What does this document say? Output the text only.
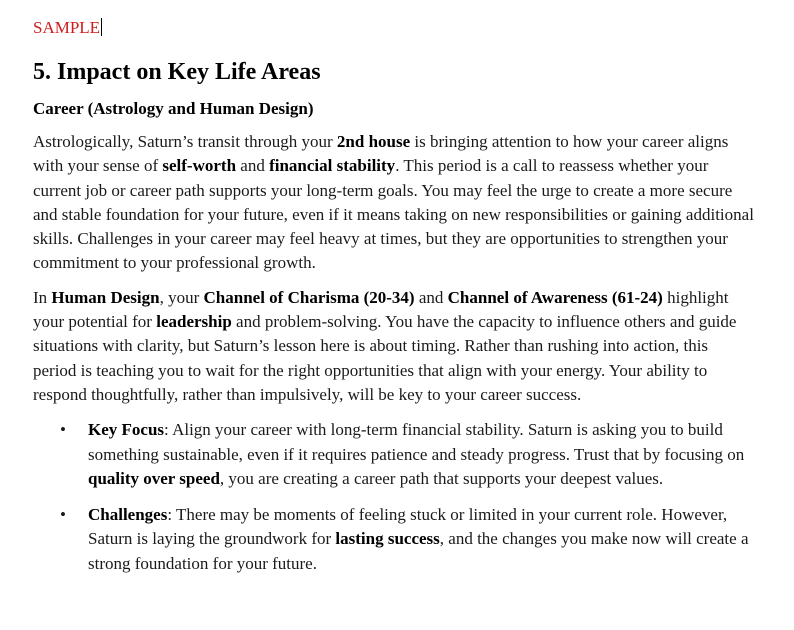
SAMPLE
5. Impact on Key Life Areas
Career (Astrology and Human Design)

Astrologically, Saturn’s transit through your 2nd house is bringing attention to how your career aligns with your sense of self-worth and financial stability. This period is a call to reassess whether your current job or career path supports your long-term goals. You may feel the urge to create a more secure and stable foundation for your future, even if it means taking on new responsibilities or gaining additional skills. Challenges in your career may feel heavy at times, but they are opportunities to strengthen your commitment to your professional growth.

In Human Design, your Channel of Charisma (20-34) and Channel of Awareness (61-24) highlight your potential for leadership and problem-solving. You have the capacity to influence others and guide situations with clarity, but Saturn’s lesson here is about timing. Rather than rushing into action, this period is teaching you to wait for the right opportunities that align with your energy. Your ability to respond thoughtfully, rather than impulsively, will be key to your career success.

• Key Focus: Align your career with long-term financial stability. Saturn is asking you to build something sustainable, even if it requires patience and steady progress. Trust that by focusing on quality over speed, you are creating a career path that supports your deepest values.
• Challenges: There may be moments of feeling stuck or limited in your current role. However, Saturn is laying the groundwork for lasting success, and the changes you make now will create a strong foundation for your future.
